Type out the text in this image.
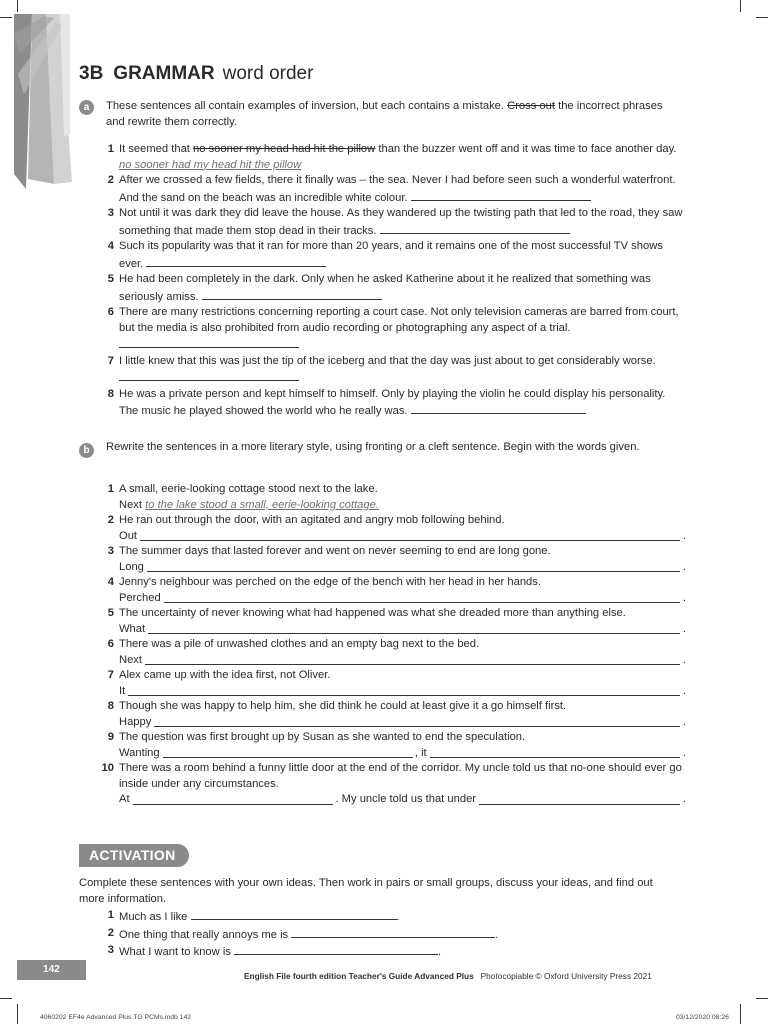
3B GRAMMAR word order
a	These sentences all contain examples of inversion, but each contains a mistake. Cross out the incorrect phrases and rewrite them correctly.
1 It seemed that no sooner my head had hit the pillow than the buzzer went off and it was time to face another day.
no sooner had my head hit the pillow
2 After we crossed a few fields, there it finally was – the sea. Never I had before seen such a wonderful waterfront. And the sand on the beach was an incredible white colour.
3 Not until it was dark they did leave the house. As they wandered up the twisting path that led to the road, they saw something that made them stop dead in their tracks.
4 Such its popularity was that it ran for more than 20 years, and it remains one of the most successful TV shows ever.
5 He had been completely in the dark. Only when he asked Katherine about it he realized that something was seriously amiss.
6 There are many restrictions concerning reporting a court case. Not only television cameras are barred from court, but the media is also prohibited from audio recording or photographing any aspect of a trial.
7 I little knew that this was just the tip of the iceberg and that the day was just about to get considerably worse.
8 He was a private person and kept himself to himself. Only by playing the violin he could display his personality. The music he played showed the world who he really was.
b	Rewrite the sentences in a more literary style, using fronting or a cleft sentence. Begin with the words given.
1 A small, eerie-looking cottage stood next to the lake.
Next to the lake stood a small, eerie-looking cottage.
2 He ran out through the door, with an agitated and angry mob following behind.
Out	.
3 The summer days that lasted forever and went on never seeming to end are long gone.
Long	.
4 Jenny's neighbour was perched on the edge of the bench with her head in her hands.
Perched	.
5 The uncertainty of never knowing what had happened was what she dreaded more than anything else.
What	.
6 There was a pile of unwashed clothes and an empty bag next to the bed.
Next	.
7 Alex came up with the idea first, not Oliver.
It	.
8 Though she was happy to help him, she did think he could at least give it a go himself first.
Happy	.
9 The question was first brought up by Susan as she wanted to end the speculation.
Wanting	, it	.
10 There was a room behind a funny little door at the end of the corridor. My uncle told us that no-one should ever go inside under any circumstances.
At	. My uncle told us that under	.
ACTIVATION
Complete these sentences with your own ideas. Then work in pairs or small groups, discuss your ideas, and find out more information.
1 Much as I like	.
2 One thing that really annoys me is	.
3 What I want to know is	.
142
English File fourth edition Teacher's Guide Advanced Plus Photocopiable © Oxford University Press 2021
4060202 EF4e Advanced Plus TG PCMs.indb 142	03/12/2020 08:26
